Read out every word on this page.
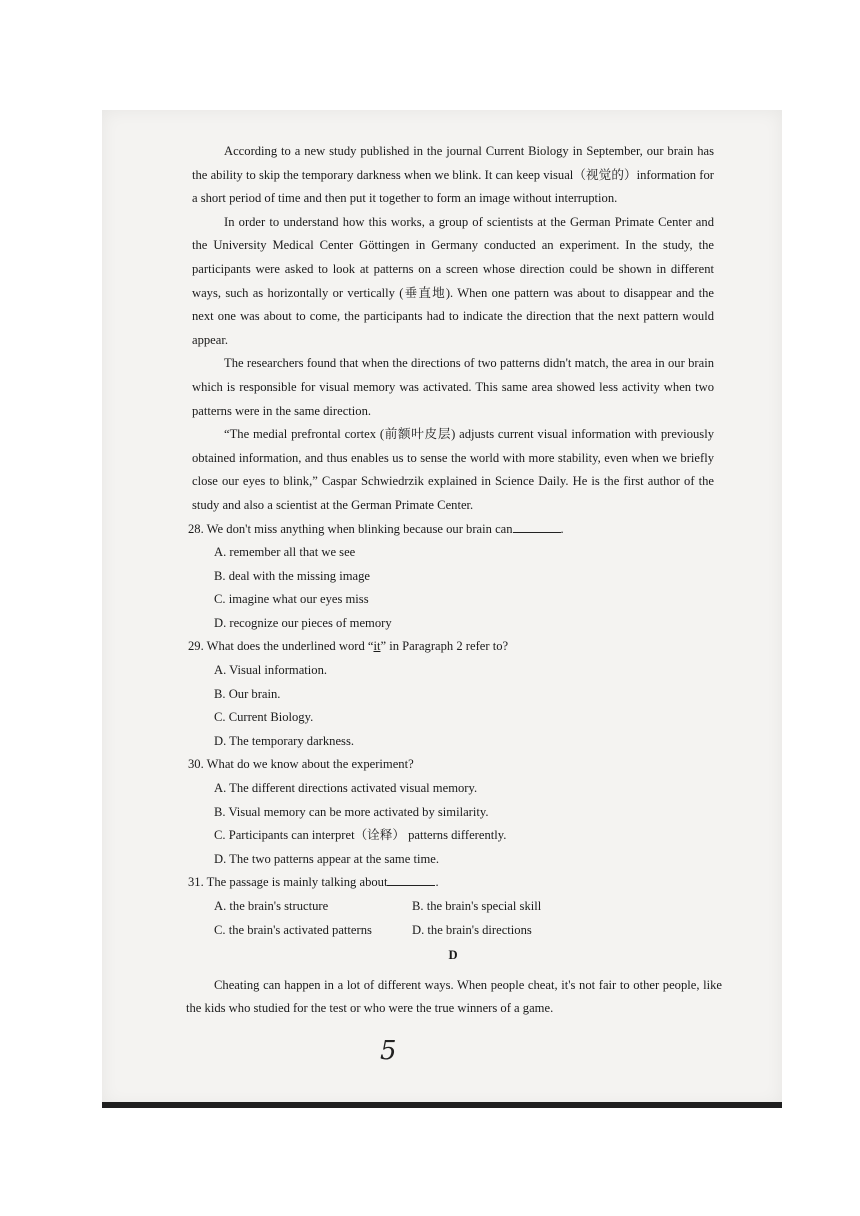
According to a new study published in the journal Current Biology in September, our brain has the ability to skip the temporary darkness when we blink. It can keep visual（视觉的）information for a short period of time and then put it together to form an image without interruption.

In order to understand how this works, a group of scientists at the German Primate Center and the University Medical Center Göttingen in Germany conducted an experiment. In the study, the participants were asked to look at patterns on a screen whose direction could be shown in different ways, such as horizontally or vertically (垂直地). When one pattern was about to disappear and the next one was about to come, the participants had to indicate the direction that the next pattern would appear.

The researchers found that when the directions of two patterns didn't match, the area in our brain which is responsible for visual memory was activated. This same area showed less activity when two patterns were in the same direction.

“The medial prefrontal cortex (前额叶皮层) adjusts current visual information with previously obtained information, and thus enables us to sense the world with more stability, even when we briefly close our eyes to blink,” Caspar Schwiedrzik explained in Science Daily. He is the first author of the study and also a scientist at the German Primate Center.

28. We don't miss anything when blinking because our brain can	.

A. remember all that we see

B. deal with the missing image

C. imagine what our eyes miss

D. recognize our pieces of memory

29. What does the underlined word “it” in Paragraph 2 refer to?

A. Visual information.

B. Our brain.

C. Current Biology.

D. The temporary darkness.

30. What do we know about the experiment?

A. The different directions activated visual memory.

B. Visual memory can be more activated by similarity.

C. Participants can interpret（诠释） patterns differently.

D. The two patterns appear at the same time.

31. The passage is mainly talking about	.

A. the brain's structure	B. the brain's special skill
C. the brain's activated patterns	D. the brain's directions

D

Cheating can happen in a lot of different ways. When people cheat, it's not fair to other people, like the kids who studied for the test or who were the true winners of a game.

5
